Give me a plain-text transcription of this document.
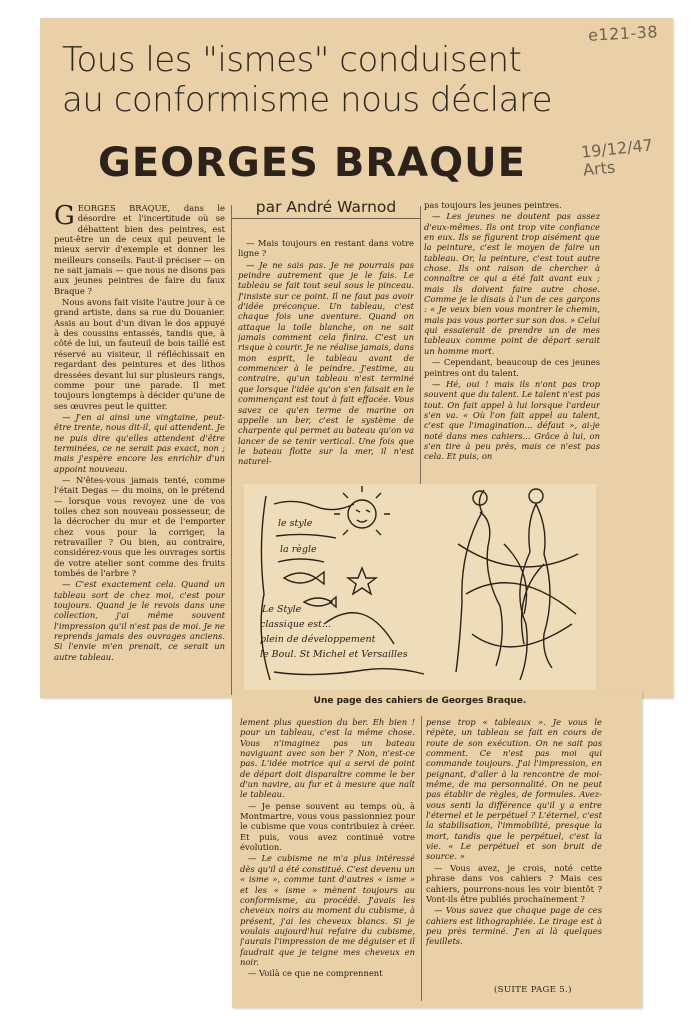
e121-38
19/12/47
Arts
Tous les "ismes" conduisent
au conformisme nous déclare
GEORGES BRAQUE
par André Warnod

GEORGES BRAQUE, dans le désordre et l'incertitude où se débattent bien des peintres, est peut-être un de ceux qui peuvent le mieux servir d'exemple et donner les meilleurs conseils. Faut-il préciser — on ne sait jamais — que nous ne disons pas aux jeunes peintres de faire du faux Braque ?

Nous avons fait visite l'autre jour à ce grand artiste, dans sa rue du Douanier. Assis au bout d'un divan le dos appuyé à des coussins entassés, tandis que, à côté de lui, un fauteuil de bois taillé est réservé au visiteur, il réfléchissait en regardant des peintures et des lithos dressées devant lui sur plusieurs rangs, comme pour une parade. Il met toujours longtemps à décider qu'une de ses œuvres peut le quitter.

— J'en ai ainsi une vingtaine, peut-être trente, nous dit-il, qui attendent. Je ne puis dire qu'elles attendent d'être terminées, ce ne serait pas exact, non ; mais j'espère encore les enrichir d'un appoint nouveau.

— N'êtes-vous jamais tenté, comme l'était Degas — du moins, on le prétend — lorsque vous revoyez une de vos toiles chez son nouveau possesseur, de la décrocher du mur et de l'emporter chez vous pour la corriger, la retravailler ? Ou bien, au contraire, considérez-vous que les ouvrages sortis de votre atelier sont comme des fruits tombés de l'arbre ?

— C'est exactement cela. Quand un tableau sort de chez moi, c'est pour toujours. Quand je le revois dans une collection, j'ai même souvent l'impression qu'il n'est pas de moi. Je ne reprends jamais des ouvrages anciens. Si l'envie m'en prenait, ce serait un autre tableau.

— Mais toujours en restant dans votre ligne ?

— Je ne sais pas. Je ne pourrais pas peindre autrement que je le fais. Le tableau se fait tout seul sous le pinceau. J'insiste sur ce point. Il ne faut pas avoir d'idée préconçue. Un tableau, c'est chaque fois une aventure. Quand on attaque la toile blanche, on ne sait jamais comment cela finira. C'est un risque à courir. Je ne réalise jamais, dans mon esprit, le tableau avant de commencer à le peindre. J'estime, au contraire, qu'un tableau n'est terminé que lorsque l'idée qu'on s'en faisait en le commençant est tout à fait effacée. Vous savez ce qu'en terme de marine on appelle un ber, c'est le système de charpente qui permet au bateau qu'on va lancer de se tenir vertical. Une fois que le bateau flotte sur la mer, il n'est naturel-

pas toujours les jeunes peintres.

— Les jeunes ne doutent pas assez d'eux-mêmes. Ils ont trop vite confiance en eux. Ils se figurent trop aisément que la peinture, c'est le moyen de faire un tableau. Or, la peinture, c'est tout autre chose. Ils ont raison de chercher à connaître ce qui a été fait avant eux ; mais ils doivent faire autre chose. Comme je le disais à l'un de ces garçons : « Je veux bien vous montrer le chemin, mais pas vous porter sur son dos. » Celui qui essaierait de prendre un de mes tableaux comme point de départ serait un homme mort.

— Cependant, beaucoup de ces jeunes peintres ont du talent.

— Hé, oui ! mais ils n'ont pas trop souvent que du talent. Le talent n'est pas tout. On fait appel à lui lorsque l'ardeur s'en va. « Où l'on fait appel au talent, c'est que l'imagination... défaut », ai-je noté dans mes cahiers... Grâce à lui, on s'en tire à peu près, mais ce n'est pas cela. Et puis, on

le style
la règle
Le Style
classique est...
plein de développement
le Boul. St Michel et Versailles
Une page des cahiers de Georges Braque.

lement plus question du ber. Eh bien ! pour un tableau, c'est la même chose. Vous n'imaginez pas un bateau naviguant avec son ber ? Non, n'est-ce pas. L'idée motrice qui a servi de point de départ doit disparaître comme le ber d'un navire, au fur et à mesure que naît le tableau.

— Je pense souvent au temps où, à Montmartre, vous vous passionniez pour le cubisme que vous contribuiez à créer. Et puis, vous avez continué votre évolution.

— Le cubisme ne m'a plus intéressé dès qu'il a été constitué. C'est devenu un « isme », comme tant d'autres « isme » et les « isme » mènent toujours au conformisme, au procédé. J'avais les cheveux noirs au moment du cubisme, à présent, j'ai les cheveux blancs. Si je voulais aujourd'hui refaire du cubisme, j'aurais l'impression de me déguiser et il faudrait que je teigne mes cheveux en noir.

— Voilà ce que ne comprennent

pense trop « tableaux ». Je vous le répète, un tableau se fait en cours de route de son exécution. On ne sait pas comment. Ce n'est pas moi qui commande toujours. J'ai l'impression, en peignant, d'aller à la rencontre de moi-même, de ma personnalité. On ne peut pas établir de règles, de formules. Avez-vous senti la différence qu'il y a entre l'éternel et le perpétuel ? L'éternel, c'est la stabilisation, l'immobilité, presque la mort, tandis que le perpétuel, c'est la vie. « Le perpétuel et son bruit de source. »

— Vous avez, je crois, noté cette phrase dans vos cahiers ? Mais ces cahiers, pourrons-nous les voir bientôt ? Vont-ils être publiés prochainement ?

— Vous savez que chaque page de ces cahiers est lithographiée. Le tirage est à peu près terminé. J'en ai là quelques feuillets.

(SUITE PAGE 5.)
